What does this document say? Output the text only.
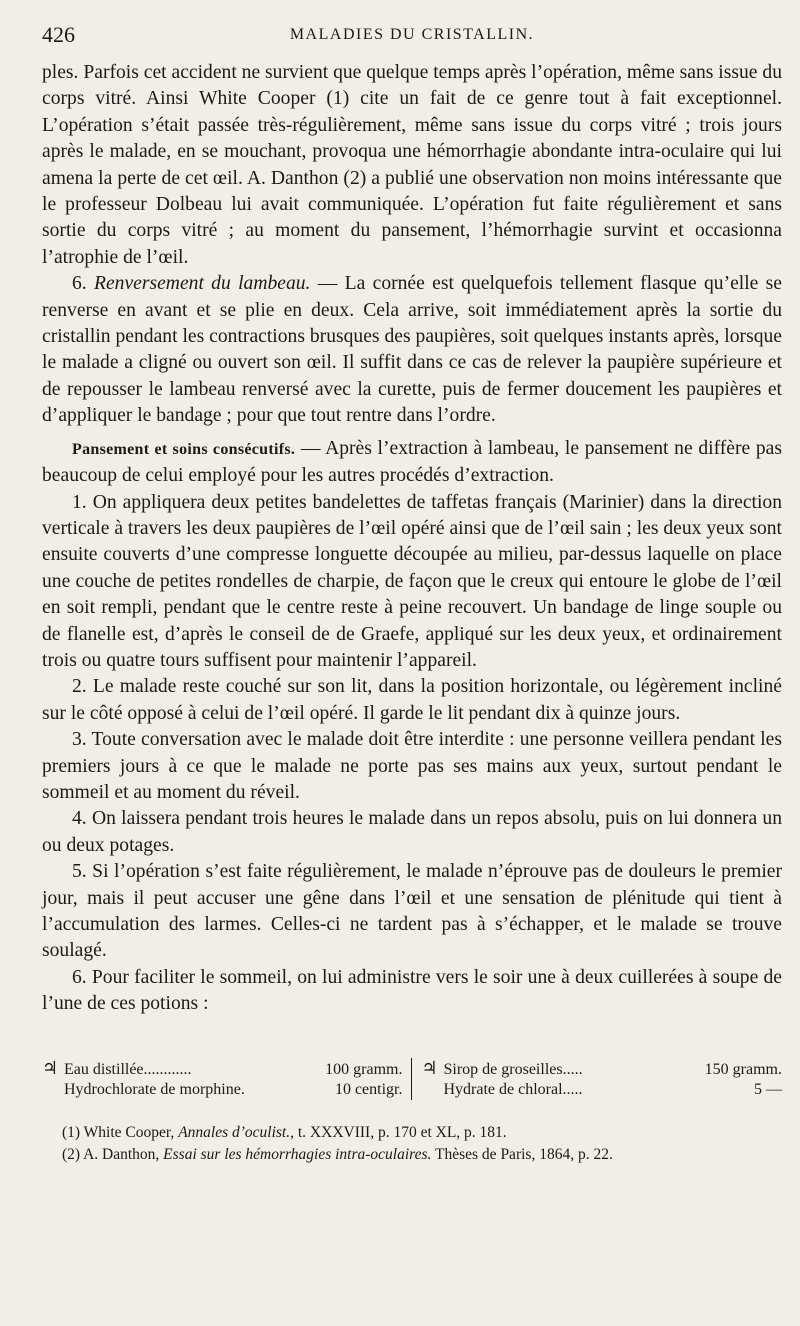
426	MALADIES DU CRISTALLIN.

ples. Parfois cet accident ne survient que quelque temps après l’opération, même sans issue du corps vitré. Ainsi White Cooper (1) cite un fait de ce genre tout à fait exceptionnel. L’opération s’était passée très-régulièrement, même sans issue du corps vitré ; trois jours après le malade, en se mouchant, provoqua une hémorrhagie abondante intra-oculaire qui lui amena la perte de cet œil. A. Danthon (2) a publié une observation non moins intéressante que le professeur Dolbeau lui avait communiquée. L’opération fut faite régulièrement et sans sortie du corps vitré ; au moment du pansement, l’hémorrhagie survint et occasionna l’atrophie de l’œil.

6. Renversement du lambeau. — La cornée est quelquefois tellement flasque qu’elle se renverse en avant et se plie en deux. Cela arrive, soit immédiatement après la sortie du cristallin pendant les contractions brusques des paupières, soit quelques instants après, lorsque le malade a cligné ou ouvert son œil. Il suffit dans ce cas de relever la paupière supérieure et de repousser le lambeau renversé avec la curette, puis de fermer doucement les paupières et d’appliquer le bandage ; pour que tout rentre dans l’ordre.

Pansement et soins consécutifs. — Après l’extraction à lambeau, le pansement ne diffère pas beaucoup de celui employé pour les autres procédés d’extraction.

1. On appliquera deux petites bandelettes de taffetas français (Marinier) dans la direction verticale à travers les deux paupières de l’œil opéré ainsi que de l’œil sain ; les deux yeux sont ensuite couverts d’une compresse longuette découpée au milieu, par-dessus laquelle on place une couche de petites rondelles de charpie, de façon que le creux qui entoure le globe de l’œil en soit rempli, pendant que le centre reste à peine recouvert. Un bandage de linge souple ou de flanelle est, d’après le conseil de de Graefe, appliqué sur les deux yeux, et ordinairement trois ou quatre tours suffisent pour maintenir l’appareil.

2. Le malade reste couché sur son lit, dans la position horizontale, ou légèrement incliné sur le côté opposé à celui de l’œil opéré. Il garde le lit pendant dix à quinze jours.

3. Toute conversation avec le malade doit être interdite : une personne veillera pendant les premiers jours à ce que le malade ne porte pas ses mains aux yeux, surtout pendant le sommeil et au moment du réveil.

4. On laissera pendant trois heures le malade dans un repos absolu, puis on lui donnera un ou deux potages.

5. Si l’opération s’est faite régulièrement, le malade n’éprouve pas de douleurs le premier jour, mais il peut accuser une gêne dans l’œil et une sensation de plénitude qui tient à l’accumulation des larmes. Celles-ci ne tardent pas à s’échapper, et le malade se trouve soulagé.

6. Pour faciliter le sommeil, on lui administre vers le soir une à deux cuillerées à soupe de l’une de ces potions :

♃ Eau distillée............	100 gramm.
Hydrochlorate de morphine.	10 centigr.
♃ Sirop de groseilles.....	150 gramm.
Hydrate de chloral.....	5 —

(1) White Cooper, Annales d’oculist., t. XXXVIII, p. 170 et XL, p. 181.

(2) A. Danthon, Essai sur les hémorrhagies intra-oculaires. Thèses de Paris, 1864, p. 22.
